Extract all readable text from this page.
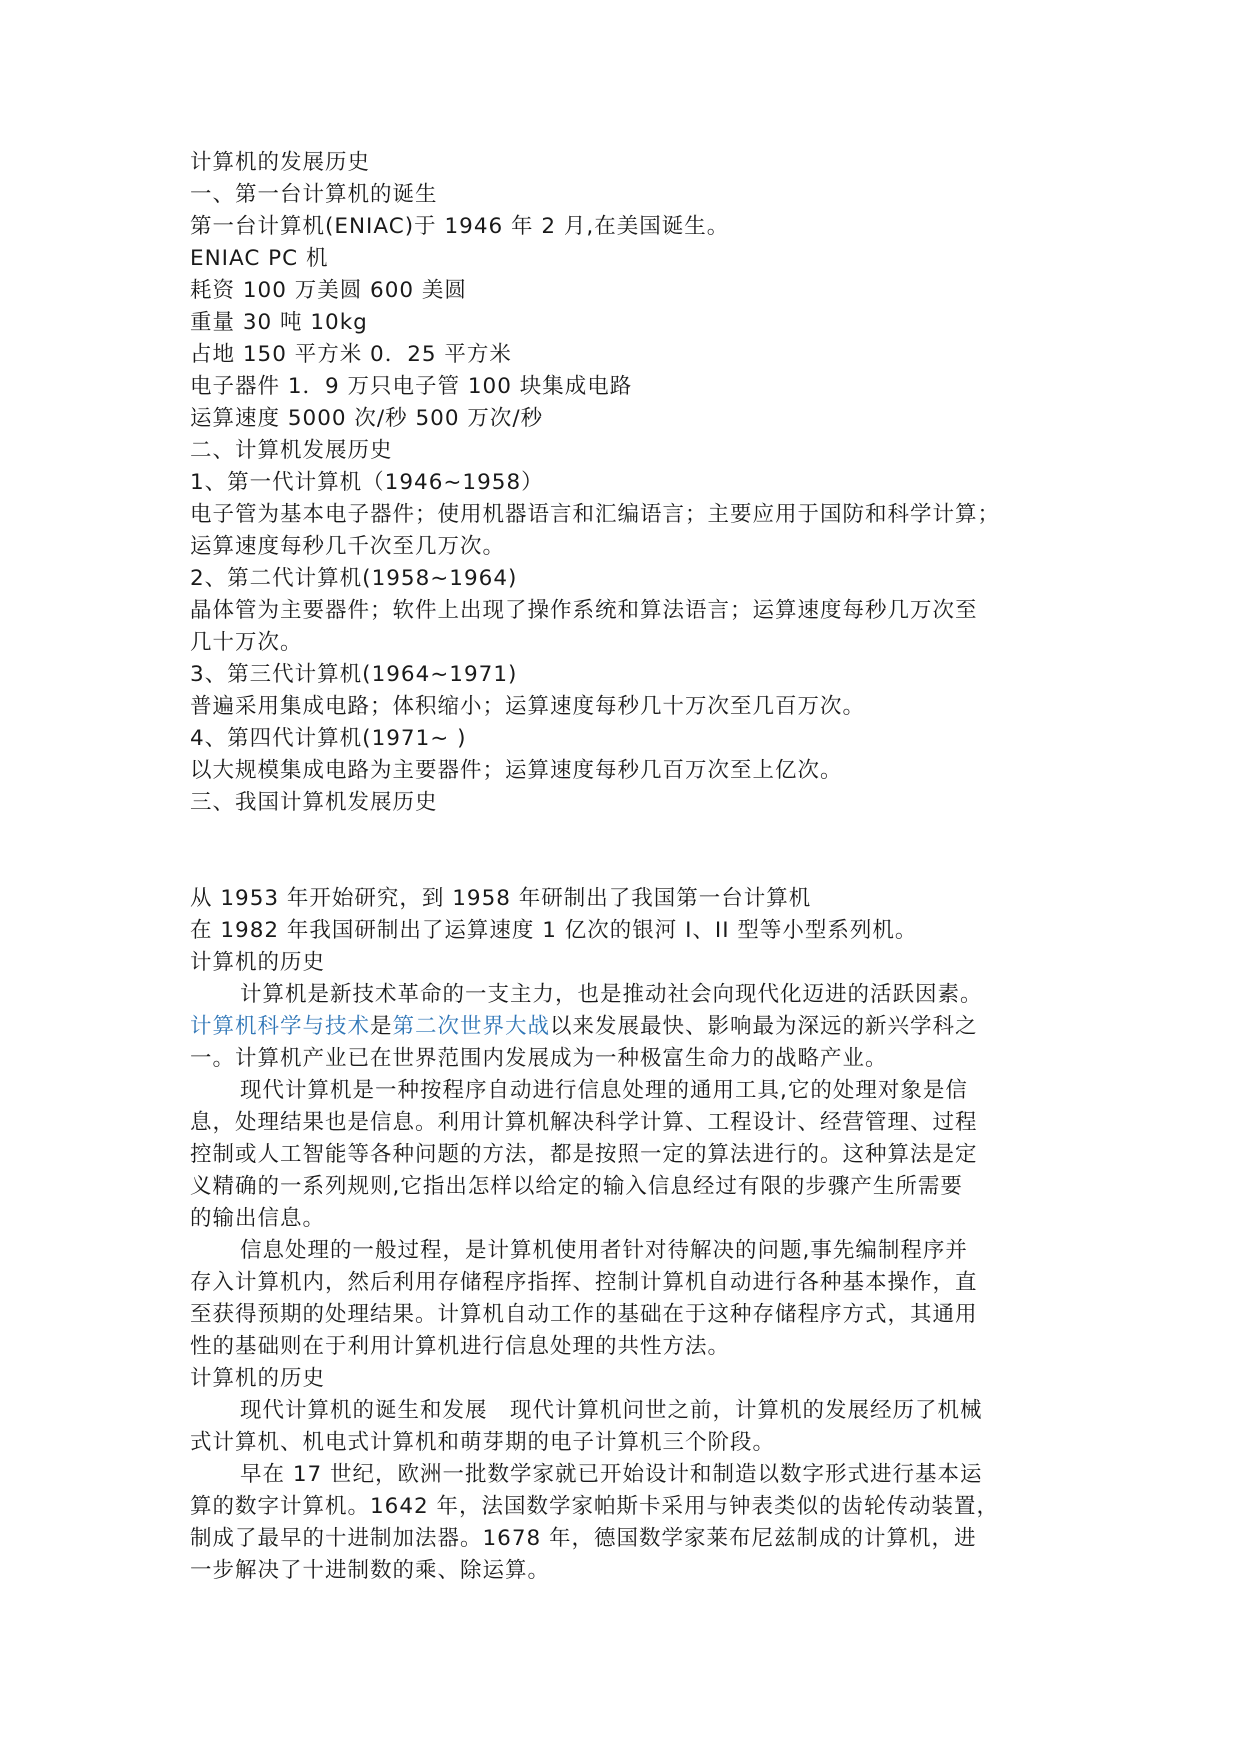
计算机的发展历史

一、第一台计算机的诞生

第一台计算机(ENIAC)于 1946 年 2 月,在美国诞生。

ENIAC PC 机

耗资 100 万美圆 600 美圆

重量 30 吨 10kg

占地 150 平方米 0．25 平方米

电子器件 1．9 万只电子管 100 块集成电路

运算速度 5000 次/秒 500 万次/秒

二、计算机发展历史

1、第一代计算机（1946~1958）

电子管为基本电子器件；使用机器语言和汇编语言；主要应用于国防和科学计算；

运算速度每秒几千次至几万次。

2、第二代计算机(1958~1964)

晶体管为主要器件；软件上出现了操作系统和算法语言；运算速度每秒几万次至

几十万次。

3、第三代计算机(1964~1971)

普遍采用集成电路；体积缩小；运算速度每秒几十万次至几百万次。

4、第四代计算机(1971~ )

以大规模集成电路为主要器件；运算速度每秒几百万次至上亿次。

三、我国计算机发展历史

从 1953 年开始研究，到 1958 年研制出了我国第一台计算机

在 1982 年我国研制出了运算速度 1 亿次的银河 I、II 型等小型系列机。

计算机的历史

计算机是新技术革命的一支主力，也是推动社会向现代化迈进的活跃因素。

计算机科学与技术是第二次世界大战以来发展最快、影响最为深远的新兴学科之

一。计算机产业已在世界范围内发展成为一种极富生命力的战略产业。

现代计算机是一种按程序自动进行信息处理的通用工具,它的处理对象是信

息，处理结果也是信息。利用计算机解决科学计算、工程设计、经营管理、过程

控制或人工智能等各种问题的方法，都是按照一定的算法进行的。这种算法是定

义精确的一系列规则,它指出怎样以给定的输入信息经过有限的步骤产生所需要

的输出信息。

信息处理的一般过程，是计算机使用者针对待解决的问题,事先编制程序并

存入计算机内，然后利用存储程序指挥、控制计算机自动进行各种基本操作，直

至获得预期的处理结果。计算机自动工作的基础在于这种存储程序方式，其通用

性的基础则在于利用计算机进行信息处理的共性方法。

计算机的历史

现代计算机的诞生和发展　现代计算机问世之前，计算机的发展经历了机械

式计算机、机电式计算机和萌芽期的电子计算机三个阶段。

早在 17 世纪，欧洲一批数学家就已开始设计和制造以数字形式进行基本运

算的数字计算机。1642 年，法国数学家帕斯卡采用与钟表类似的齿轮传动装置，

制成了最早的十进制加法器。1678 年，德国数学家莱布尼兹制成的计算机，进

一步解决了十进制数的乘、除运算。
